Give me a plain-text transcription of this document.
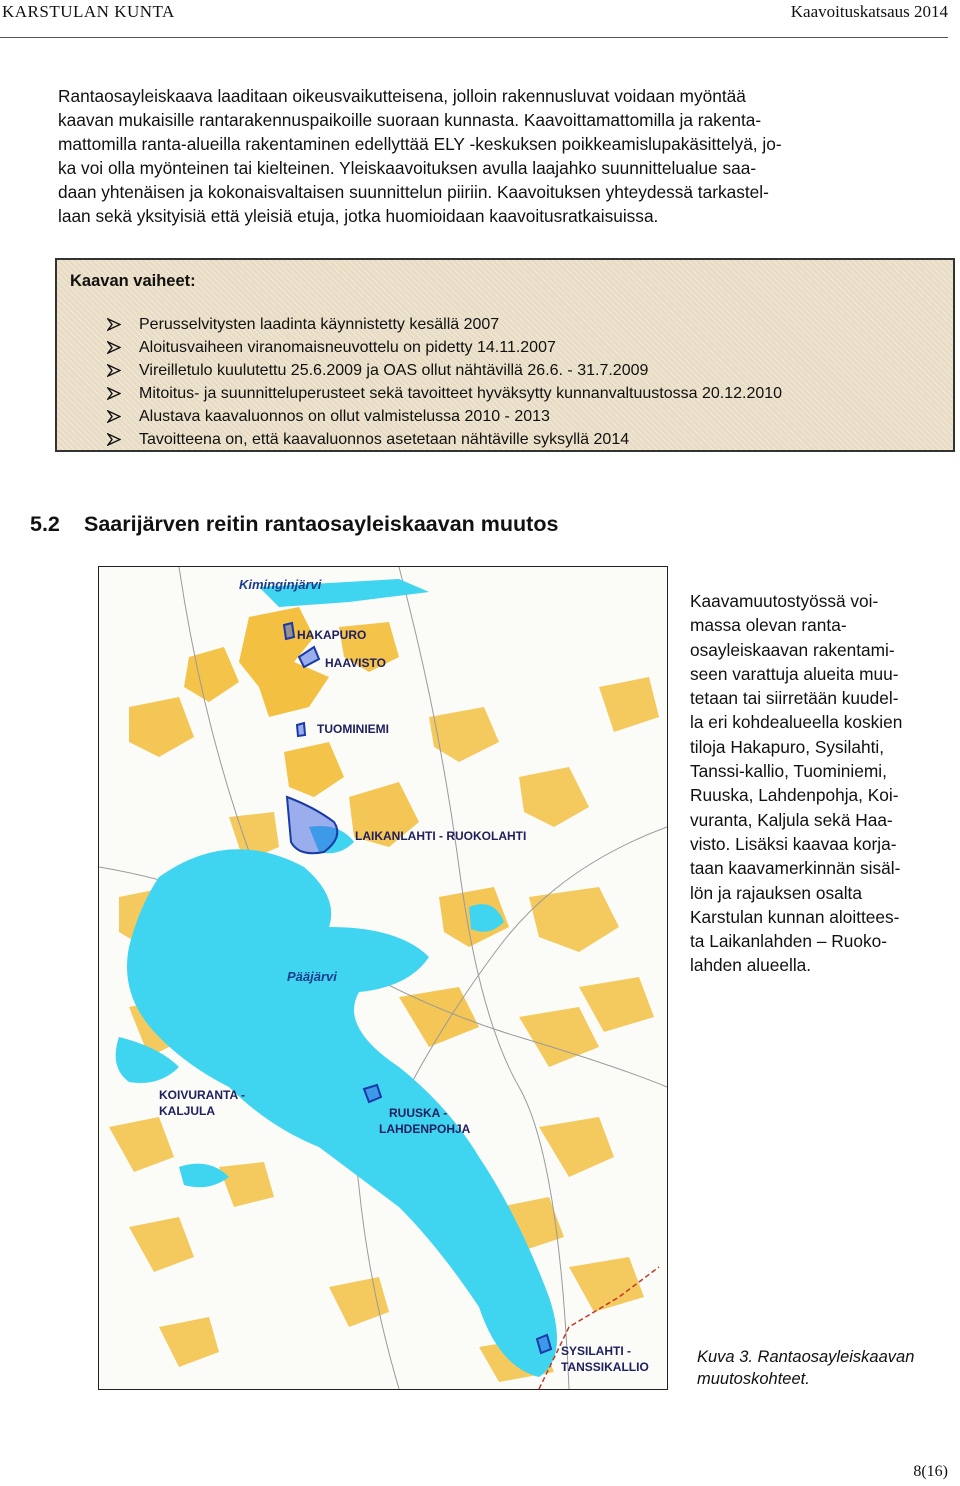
KARSTULAN KUNTA	Kaavoituskatsaus 2014

Rantaosayleiskaava laaditaan oikeusvaikutteisena, jolloin rakennusluvat voidaan myöntää
kaavan mukaisille rantarakennuspaikoille suoraan kunnasta. Kaavoittamattomilla ja rakenta-
mattomilla ranta-alueilla rakentaminen edellyttää ELY -keskuksen poikkeamislupakäsittelyä, jo-
ka voi olla myönteinen tai kielteinen. Yleiskaavoituksen avulla laajahko suunnittelualue saa-
daan yhtenäisen ja kokonaisvaltaisen suunnittelun piiriin. Kaavoituksen yhteydessä tarkastel-
laan sekä yksityisiä että yleisiä etuja, jotka huomioidaan kaavoitusratkaisuissa.

Kaavan vaiheet:
Perusselvitysten laadinta käynnistetty kesällä 2007
Aloitusvaiheen viranomaisneuvottelu on pidetty 14.11.2007
Vireilletulo kuulutettu 25.6.2009 ja OAS ollut nähtävillä 26.6. - 31.7.2009
Mitoitus- ja suunnitteluperusteet sekä tavoitteet hyväksytty kunnanvaltuustossa 20.12.2010
Alustava kaavaluonnos on ollut valmistelussa 2010 - 2013
Tavoitteena on, että kaavaluonnos asetetaan nähtäville syksyllä 2014
5.2 Saarijärven reitin rantaosayleiskaavan muutos
Kiminginjärvi
HAKAPURO
HAAVISTO
TUOMINIEMI
LAIKANLAHTI - RUOKOLAHTI
Pääjärvi
KOIVURANTA -
KALJULA	RUUSKA -
LAHDENPOHJA
SYSILAHTI -
TANSSIKALLIO

Kaavamuutostyössä voi-
massa olevan ranta-
osayleiskaavan rakentami-
seen varattuja alueita muu-
tetaan tai siirretään kuudel-
la eri kohdealueella koskien
tiloja Hakapuro, Sysilahti,
Tanssi-kallio, Tuominiemi,
Ruuska, Lahdenpohja, Koi-
vuranta, Kaljula sekä Haa-
visto. Lisäksi kaavaa korja-
taan kaavamerkinnän sisäl-
lön ja rajauksen osalta
Karstulan kunnan aloittees-
ta Laikanlahden – Ruoko-
lahden alueella.

Kuva 3. Rantaosayleiskaavan
muutoskohteet.
8(16)
